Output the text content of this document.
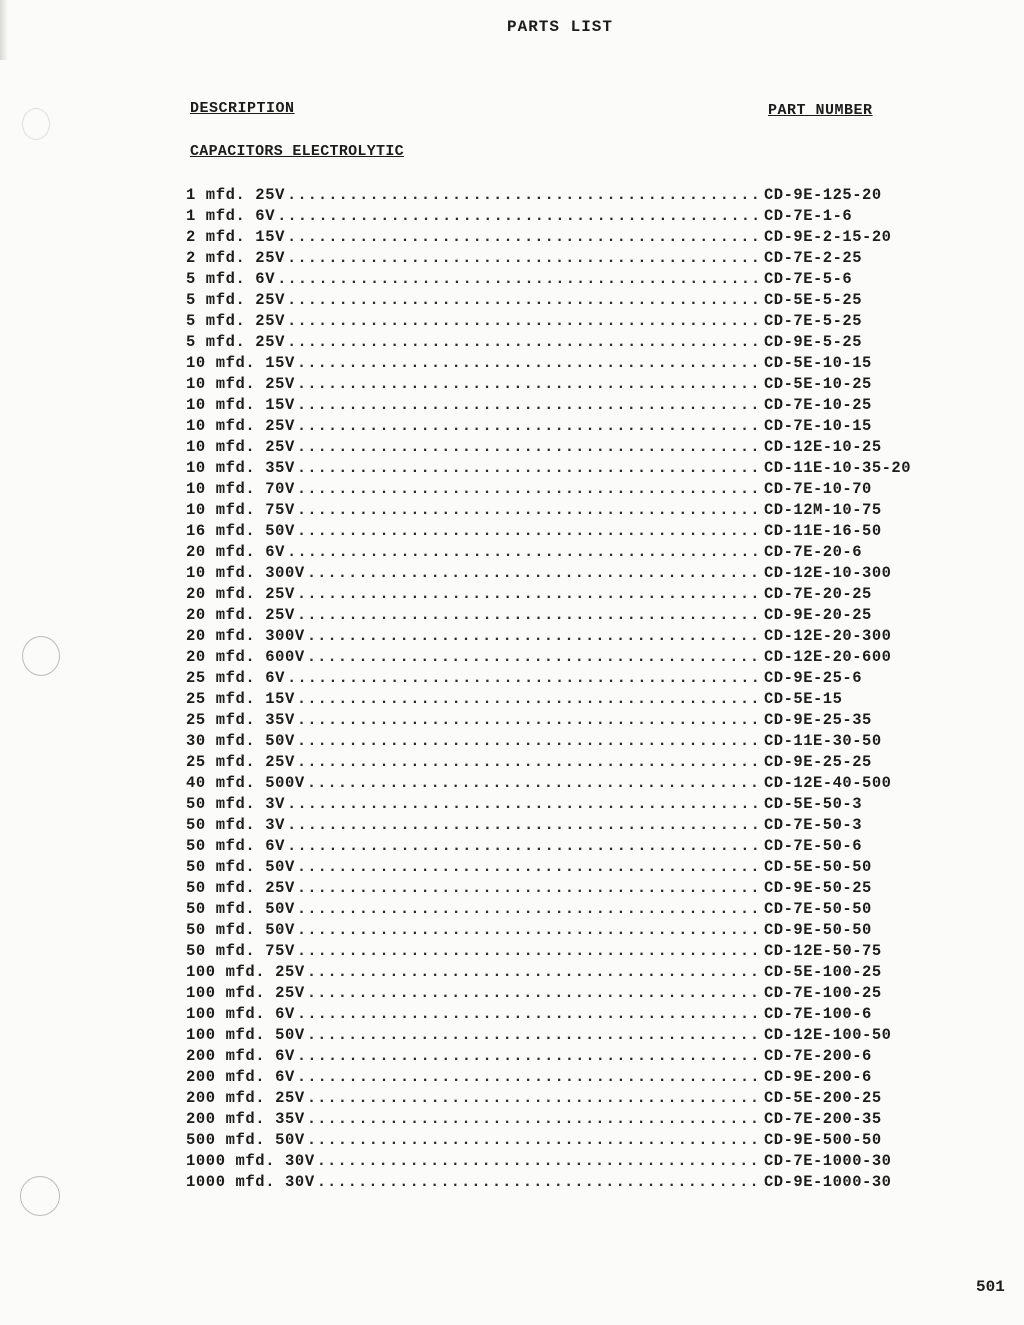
PARTS LIST
DESCRIPTION	PART NUMBER
CAPACITORS ELECTROLYTIC
1 mfd. 25V .....	CD-9E-125-20
1 mfd. 6V .....	CD-7E-1-6
2 mfd. 15V .....	CD-9E-2-15-20
2 mfd. 25V .....	CD-7E-2-25
5 mfd. 6V .....	CD-7E-5-6
5 mfd. 25V .....	CD-5E-5-25
5 mfd. 25V .....	CD-7E-5-25
5 mfd. 25V .....	CD-9E-5-25
10 mfd. 15V .....	CD-5E-10-15
10 mfd. 25V .....	CD-5E-10-25
10 mfd. 15V .....	CD-7E-10-25
10 mfd. 25V .....	CD-7E-10-15
10 mfd. 25V .....	CD-12E-10-25
10 mfd. 35V .....	CD-11E-10-35-20
10 mfd. 70V .....	CD-7E-10-70
10 mfd. 75V .....	CD-12M-10-75
16 mfd. 50V .....	CD-11E-16-50
20 mfd. 6V .....	CD-7E-20-6
10 mfd. 300V .....	CD-12E-10-300
20 mfd. 25V .....	CD-7E-20-25
20 mfd. 25V .....	CD-9E-20-25
20 mfd. 300V .....	CD-12E-20-300
20 mfd. 600V .....	CD-12E-20-600
25 mfd. 6V .....	CD-9E-25-6
25 mfd. 15V .....	CD-5E-15
25 mfd. 35V .....	CD-9E-25-35
30 mfd. 50V .....	CD-11E-30-50
25 mfd. 25V .....	CD-9E-25-25
40 mfd. 500V .....	CD-12E-40-500
50 mfd. 3V .....	CD-5E-50-3
50 mfd. 3V .....	CD-7E-50-3
50 mfd. 6V .....	CD-7E-50-6
50 mfd. 50V .....	CD-5E-50-50
50 mfd. 25V .....	CD-9E-50-25
50 mfd. 50V .....	CD-7E-50-50
50 mfd. 50V .....	CD-9E-50-50
50 mfd. 75V .....	CD-12E-50-75
100 mfd. 25V .....	CD-5E-100-25
100 mfd. 25V .....	CD-7E-100-25
100 mfd. 6V .....	CD-7E-100-6
100 mfd. 50V .....	CD-12E-100-50
200 mfd. 6V .....	CD-7E-200-6
200 mfd. 6V .....	CD-9E-200-6
200 mfd. 25V .....	CD-5E-200-25
200 mfd. 35V .....	CD-7E-200-35
500 mfd. 50V .....	CD-9E-500-50
1000 mfd. 30V .....	CD-7E-1000-30
1000 mfd. 30V .....	CD-9E-1000-30
501
